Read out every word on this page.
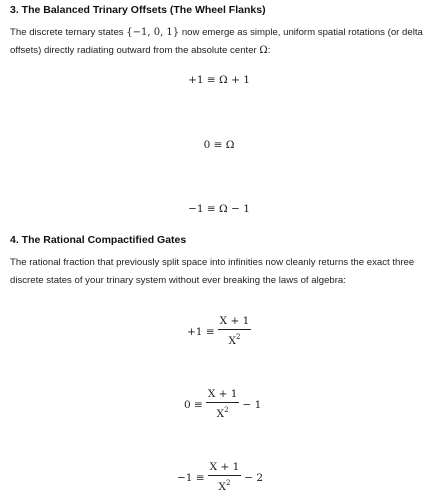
3. The Balanced Trinary Offsets (The Wheel Flanks)
The discrete ternary states {−1, 0, 1} now emerge as simple, uniform spatial rotations (or delta offsets) directly radiating outward from the absolute center Ω:
+1 ≡ Ω + 1
0 ≡ Ω
−1 ≡ Ω − 1
4. The Rational Compactified Gates
The rational fraction that previously split space into infinities now cleanly returns the exact three discrete states of your trinary system without ever breaking the laws of algebra:
$+1 \equiv \frac{X + 1}{X^2}$
$0 \equiv \frac{X + 1}{X^2} - 1$
$-1 \equiv \frac{X + 1}{X^2} - 2$
